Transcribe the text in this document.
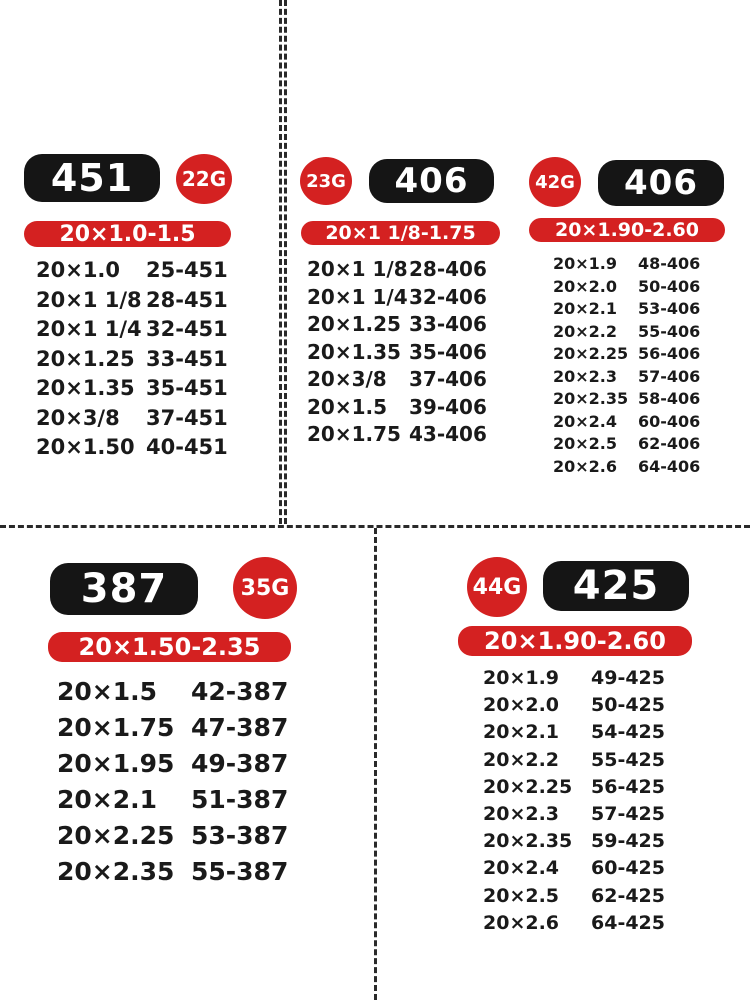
451	22G
20×1.0-1.5
20×1.0	25-451
20×1 1/8 28-451
20×1 1/4 32-451
20×1.25 33-451
20×1.35 35-451
20×3/8	37-451
20×1.50 40-451
23G	406
20×1 1/8-1.75
20×1 1/8 28-406
20×1 1/4 32-406
20×1.25 33-406
20×1.35 35-406
20×3/8	37-406
20×1.5	39-406
20×1.75 43-406
42G	406
20×1.90-2.60
20×1.9	48-406
20×2.0	50-406
20×2.1	53-406
20×2.2	55-406
20×2.25 56-406
20×2.3	57-406
20×2.35 58-406
20×2.4	60-406
20×2.5	62-406
20×2.6	64-406
387	35G
20×1.50-2.35
20×1.5	42-387
20×1.75 47-387
20×1.95 49-387
20×2.1	51-387
20×2.25 53-387
20×2.35 55-387
44G	425
20×1.90-2.60
20×1.9	49-425
20×2.0	50-425
20×2.1	54-425
20×2.2	55-425
20×2.25 56-425
20×2.3	57-425
20×2.35 59-425
20×2.4	60-425
20×2.5	62-425
20×2.6	64-425
